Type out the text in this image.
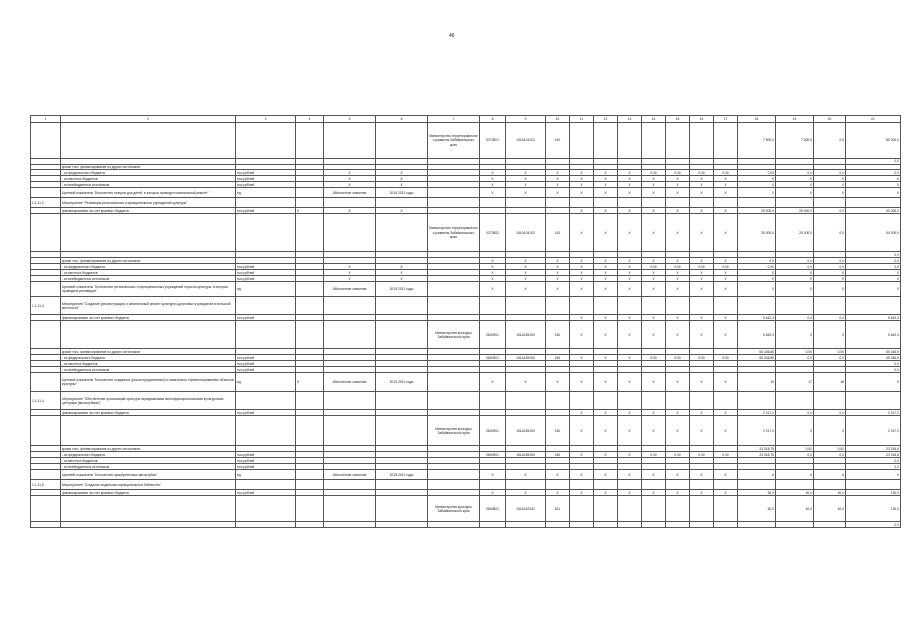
46
1	2	3	4	5	6	7	8	9	10	11	12	13	14	15	16	17	18	19	20	21
						Министерство территориальног о развития Забайкальского края	0270801	151А104102	410								7 500,0	7 500,0	0,0	85 000,0
																				0,0
	кроме того, финансирование из других источников:																			
	- из федерального бюджета	тыс.рублей		Х	Х		Х	Х	Х	Х	Х	Х	0,00	0,00	0,00	0,00	0,00	0,0	0,0	0,0
	- из местных бюджетов	тыс.рублей		Х	Х		Х	Х	Х	Х	Х	Х	Х	Х	Х	Х	Х	Х	Х	Х
	- из внебюджетных источников	тыс.рублей		Х	Х		Х	Х	Х	Х	Х	Х	Х	Х	Х	Х	Х	Х	Х	Х
	Целевой показатель "Количество театров для детей, в которых проведен капитальный ремонт"	ед.		Абсолютное значение	2019-2021 годы		Х	Х	Х	Х	Х	Х	Х	Х	Х	Х	Х	Х	Х	Х
1.1.11.2	Мероприятие "Реновация региональных и муниципальных учреждений культуры"																			
	финансирование за счет краевого бюджета	тыс.рублей	Х	Х	Х					Х	Х	Х	Х	Х	Х	Х	25 000,0	25 000,0	0,0	50 000,0
						Министерство территориальног о развития Забайкальского края	0270802	151А104102	410	Х	Х	Х	Х	Х	Х	Х	25 000,0	25 000,0	0,0	50 000,0
																				0,0
	кроме того, финансирование из других источников:						Х	Х	Х	Х	Х	Х	Х	Х	Х	Х	0,0	0,0	0,0	0,0
	- из федерального бюджета	тыс.рублей		Х	Х		Х	Х	Х	Х	Х	Х	0,00	0,00	0,00	0,00	0,00	0,0	0,0	0,0
	- из местных бюджетов	тыс.рублей		Х	Х		Х	Х	Х	Х	Х	Х	Х	Х	Х	Х	Х	Х	Х	Х
	- из внебюджетных источников	тыс.рублей		Х	Х		Х	Х	Х	Х	Х	Х	Х	Х	Х	Х	Х	Х	Х	Х
	Целевой показатель "Количество региональных и муниципальных учреждений отрасли культуры, в которых проведена реновация"	ед.		Абсолютное значение	2019-2021 годы		Х	Х	Х	Х	Х	Х	Х	Х	Х	Х	Х	Х	Х	Х
1.1.11.3	Мероприятие "Создание (реконструкция) и капитальный ремонт культурно-досуговых учреждений в сельской местности"																			
	финансирование за счет краевого бюджета	тыс.рублей								Х	Х	Х	Х	Х	Х	Х	5 642,3	0,0	0,0	5 642,3
						Министерство культуры Забайкальского края	0840901	151А155190	240	Х	Х	Х	Х	Х	Х	Х	5 642,3	0	0	5 642,3
	кроме того, финансирование из других источников:																65 346,85	0,00	0,00	65 346,9
	- из федерального бюджета	тыс.рублей					0840901	151А155190	240	Х	Х	Х	0,00	0,00	0,00	0,00	65 346,85	0,0	0,0	65 346,9
	- из местных бюджетов	тыс.рублей																		0,0
	- из внебюджетных источников	тыс.рублей																		0,0
	Целевой показатель "Количество созданных (реконструированных) и капитально отремонтированных объектов культуры"	ед.	Х	Абсолютное значение	2019-2021 годы		Х	Х	Х	Х	Х	Х	Х	Х	Х	Х	19	17	18	Х
1.1.11.4	Мероприятие "Обеспечение организаций культуры передвижными многофункциональными культурными центрами (автоклубами)"																			
	финансирование за счет краевого бюджета	тыс.рублей								Х	Х	Х	Х	Х	Х	Х	2 017,2	0,0	0,0	2 017,2
						Министерство культуры Забайкальского края	0840901	151А155190	240	Х	Х	Х	Х	Х	Х	Х	2 017,2	0	0	2 017,2
	кроме того, финансирование из других источников:																23 318,75	0,00	0,00	23 318,8
	- из федерального бюджета	тыс.рублей					0840901	151А155190	240	Х	Х	Х	0,00	0,00	0,00	0,00	23 318,75	0,0	0,0	23 318,8
	- из местных бюджетов	тыс.рублей																		0,0
	- из внебюджетных источников	тыс.рублей																		0,0
	Целевой показатель "Количество приобретенных автоклубов"	ед.		Абсолютное значение	2019-2021 годы		Х	Х	Х	Х	Х	Х	Х	Х	Х	Х	6	0	6	Х
1.1.11.5	Мероприятие "Создание модельных муниципальных библиотек"																			
	финансирование за счет краевого бюджета	тыс.рублей					Х	Х	Х	Х	Х	Х	Х	Х	Х	Х	50,0	40,0	40,0	130,0
						Министерство культуры Забайкальского края	0840801	151А152442	611								50,0	40,0	40,0	130,0
																				0,0
